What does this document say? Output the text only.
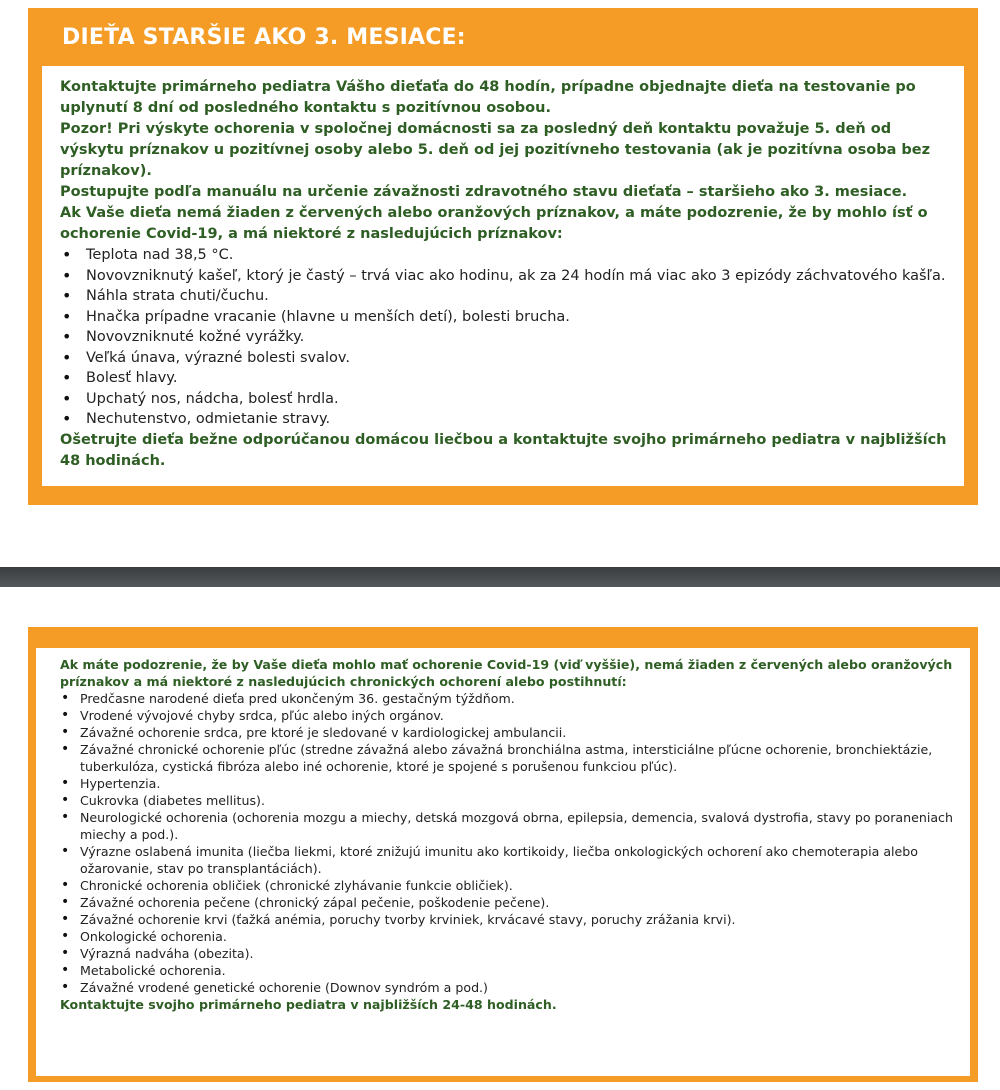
DIEŤA STARŠIE AKO 3. MESIACE:

Kontaktujte primárneho pediatra Vášho dieťaťa do 48 hodín, prípadne objednajte dieťa na testovanie po uplynutí 8 dní od posledného kontaktu s pozitívnou osobou.

Pozor! Pri výskyte ochorenia v spoločnej domácnosti sa za posledný deň kontaktu považuje 5. deň od výskytu príznakov u pozitívnej osoby alebo 5. deň od jej pozitívneho testovania (ak je pozitívna osoba bez príznakov).

Postupujte podľa manuálu na určenie závažnosti zdravotného stavu dieťaťa – staršieho ako 3. mesiace.

Ak Vaše dieťa nemá žiaden z červených alebo oranžových príznakov, a máte podozrenie, že by mohlo ísť o ochorenie Covid-19, a má niektoré z nasledujúcich príznakov:

• Teplota nad 38,5 °C.
• Novovzniknutý kašeľ, ktorý je častý – trvá viac ako hodinu, ak za 24 hodín má viac ako 3 epizódy záchvatového kašľa.
• Náhla strata chuti/čuchu.
• Hnačka prípadne vracanie (hlavne u menších detí), bolesti brucha.
• Novovzniknuté kožné vyrážky.
• Veľká únava, výrazné bolesti svalov.
• Bolesť hlavy.
• Upchatý nos, nádcha, bolesť hrdla.
• Nechutenstvo, odmietanie stravy.

Ošetrujte dieťa bežne odporúčanou domácou liečbou a kontaktujte svojho primárneho pediatra v najbližších 48 hodinách.

Ak máte podozrenie, že by Vaše dieťa mohlo mať ochorenie Covid-19 (viď vyššie), nemá žiaden z červených alebo oranžových príznakov a má niektoré z nasledujúcich chronických ochorení alebo postihnutí:

• Predčasne narodené dieťa pred ukončeným 36. gestačným týždňom.
• Vrodené vývojové chyby srdca, pľúc alebo iných orgánov.
• Závažné ochorenie srdca, pre ktoré je sledované v kardiologickej ambulancii.
• Závažné chronické ochorenie pľúc (stredne závažná alebo závažná bronchiálna astma, intersticiálne pľúcne ochorenie, bronchiektázie, tuberkulóza, cystická fibróza alebo iné ochorenie, ktoré je spojené s porušenou funkciou pľúc).
• Hypertenzia.
• Cukrovka (diabetes mellitus).
• Neurologické ochorenia (ochorenia mozgu a miechy, detská mozgová obrna, epilepsia, demencia, svalová dystrofia, stavy po poraneniach miechy a pod.).
• Výrazne oslabená imunita (liečba liekmi, ktoré znižujú imunitu ako kortikoidy, liečba onkologických ochorení ako chemoterapia alebo ožarovanie, stav po transplantáciách).
• Chronické ochorenia obličiek (chronické zlyhávanie funkcie obličiek).
• Závažné ochorenia pečene (chronický zápal pečenie, poškodenie pečene).
• Závažné ochorenie krvi (ťažká anémia, poruchy tvorby krviniek, krvácavé stavy, poruchy zrážania krvi).
• Onkologické ochorenia.
• Výrazná nadváha (obezita).
• Metabolické ochorenia.
• Závažné vrodené genetické ochorenie (Downov syndróm a pod.)

Kontaktujte svojho primárneho pediatra v najbližších 24-48 hodinách.
